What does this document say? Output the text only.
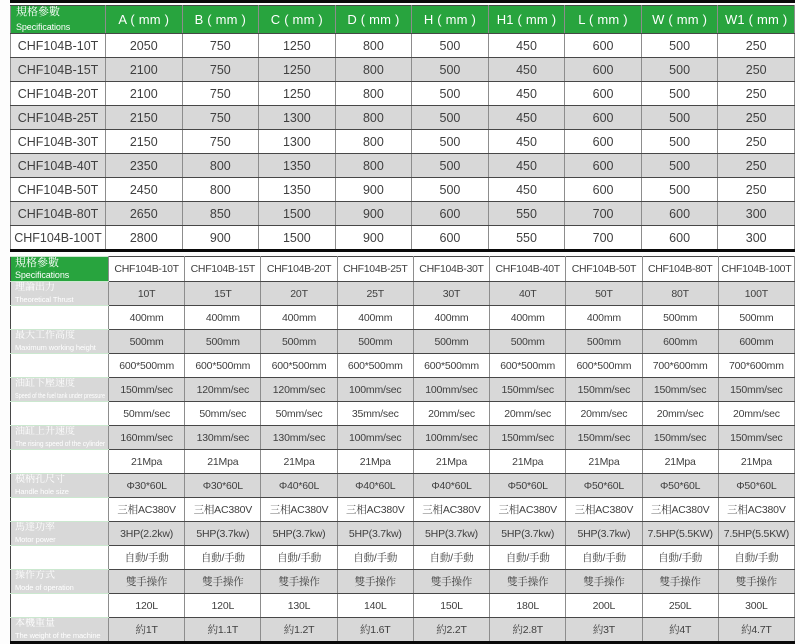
規格參數
Specifications	A ( mm )	B ( mm )	C ( mm )	D ( mm )	H ( mm )	H1 ( mm )	L ( mm )	W ( mm )	W1 ( mm )
CHF104B-10T	2050	750	1250	800	500	450	600	500	250
CHF104B-15T	2100	750	1250	800	500	450	600	500	250
CHF104B-20T	2100	750	1250	800	500	450	600	500	250
CHF104B-25T	2150	750	1300	800	500	450	600	500	250
CHF104B-30T	2150	750	1300	800	500	450	600	500	250
CHF104B-40T	2350	800	1350	800	500	450	600	500	250
CHF104B-50T	2450	800	1350	900	500	450	600	500	250
CHF104B-80T	2650	850	1500	900	600	550	700	600	300
CHF104B-100T	2800	900	1500	900	600	550	700	600	300
規格參數
Specifications	CHF104B-10T	CHF104B-15T	CHF104B-20T	CHF104B-25T	CHF104B-30T	CHF104B-40T	CHF104B-50T	CHF104B-80T	CHF104B-100T

理論出力
Theoretical Thrust	10T	15T	20T	25T	30T	40T	50T	80T	100T

行程範圍
Travel range	400mm	400mm	400mm	400mm	400mm	400mm	400mm	500mm	500mm

最大工作高度
Maximum working height	500mm	500mm	500mm	500mm	500mm	500mm	500mm	600mm	600mm

工作臺有效面積
A workbench effective area	600*500mm	600*500mm	600*500mm	600*500mm	600*500mm	600*500mm	600*500mm	700*600mm	700*600mm

油缸下壓速度
Speed of the fuel tank under pressure	150mm/sec	120mm/sec	120mm/sec	100mm/sec	100mm/sec	150mm/sec	150mm/sec	150mm/sec	150mm/sec

油缸加壓速度
Cylinder compression speed	50mm/sec	50mm/sec	50mm/sec	35mm/sec	20mm/sec	20mm/sec	20mm/sec	20mm/sec	20mm/sec

油缸上升速度
The rising speed of the cylinder	160mm/sec	130mm/sec	130mm/sec	100mm/sec	100mm/sec	150mm/sec	150mm/sec	150mm/sec	150mm/sec

操作壓力
Operating pressure	21Mpa	21Mpa	21Mpa	21Mpa	21Mpa	21Mpa	21Mpa	21Mpa	21Mpa

模柄孔尺寸
Handle hole size	Φ30*60L	Φ30*60L	Φ40*60L	Φ40*60L	Φ40*60L	Φ50*60L	Φ50*60L	Φ50*60L	Φ50*60L

電源
Power supply	三相AC380V	三相AC380V	三相AC380V	三相AC380V	三相AC380V	三相AC380V	三相AC380V	三相AC380V	三相AC380V

馬達功率
Motor power	3HP(2.2kw)	5HP(3.7kw)	5HP(3.7kw)	5HP(3.7kw)	5HP(3.7kw)	5HP(3.7kw)	5HP(3.7kw)	7.5HP(5.5KW)	7.5HP(5.5KW)

操作種類
The kinds of operations	自動/手動	自動/手動	自動/手動	自動/手動	自動/手動	自動/手動	自動/手動	自動/手動	自動/手動

操作方式
Mode of operation	雙手操作	雙手操作	雙手操作	雙手操作	雙手操作	雙手操作	雙手操作	雙手操作	雙手操作

油容量
Oil Capacity	120L	120L	130L	140L	150L	180L	200L	250L	300L

本機重量
The weight of the machine	約1T	約1.1T	約1.2T	約1.6T	約2.2T	約2.8T	約3T	約4T	約4.7T
